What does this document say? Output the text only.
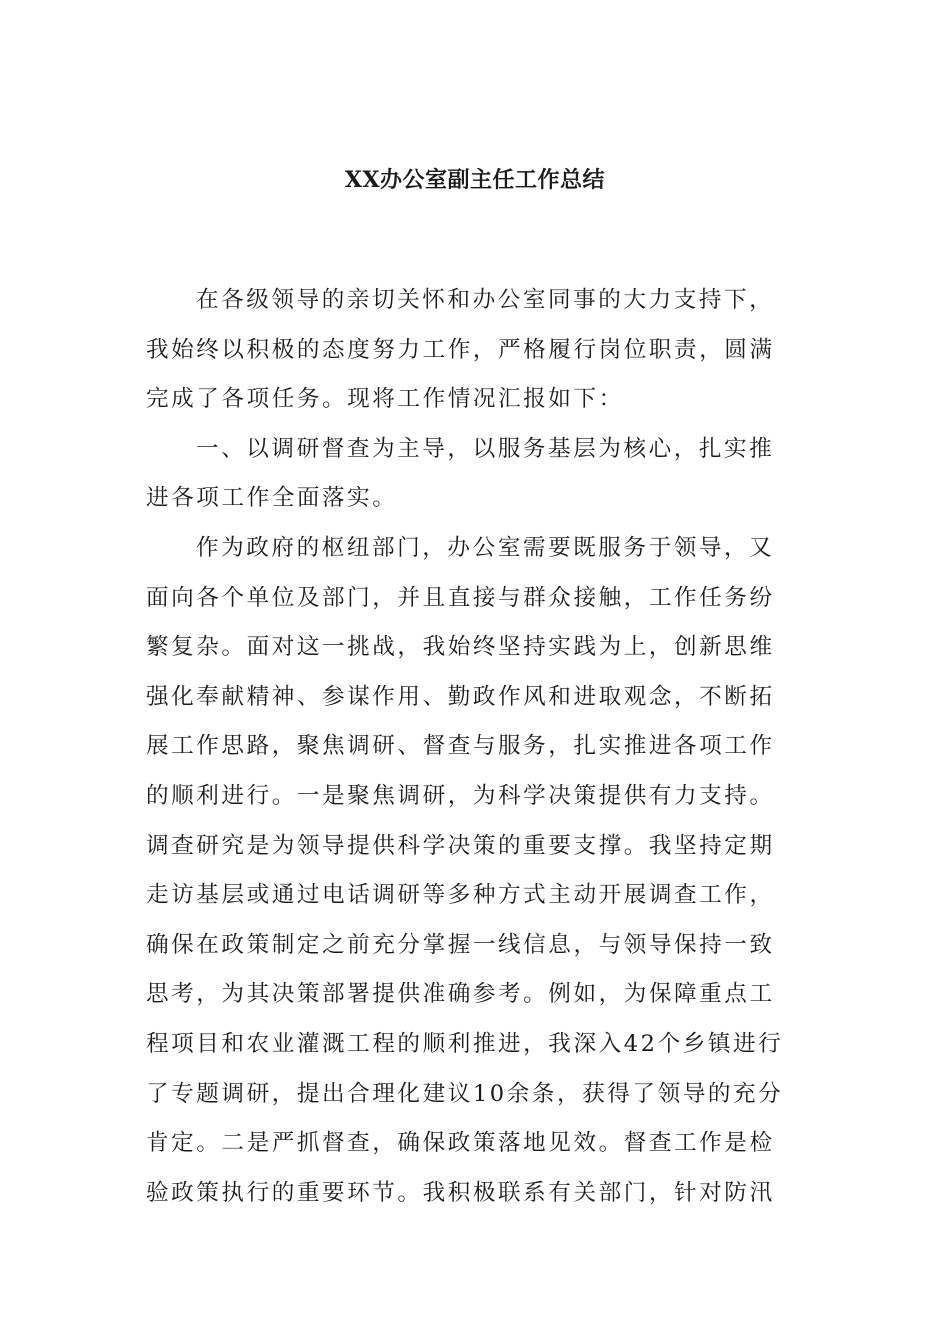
XX办公室副主任工作总结
在各级领导的亲切关怀和办公室同事的大力支持下，
我始终以积极的态度努力工作，严格履行岗位职责，圆满
完成了各项任务。现将工作情况汇报如下：
一、以调研督查为主导，以服务基层为核心，扎实推
进各项工作全面落实。
作为政府的枢纽部门，办公室需要既服务于领导，又
面向各个单位及部门，并且直接与群众接触，工作任务纷
繁复杂。面对这一挑战，我始终坚持实践为上，创新思维
强化奉献精神、参谋作用、勤政作风和进取观念，不断拓
展工作思路，聚焦调研、督查与服务，扎实推进各项工作
的顺利进行。一是聚焦调研，为科学决策提供有力支持。
调查研究是为领导提供科学决策的重要支撑。我坚持定期
走访基层或通过电话调研等多种方式主动开展调查工作，
确保在政策制定之前充分掌握一线信息，与领导保持一致
思考，为其决策部署提供准确参考。例如，为保障重点工
程项目和农业灌溉工程的顺利推进，我深入42个乡镇进行
了专题调研，提出合理化建议10余条，获得了领导的充分
肯定。二是严抓督查，确保政策落地见效。督查工作是检
验政策执行的重要环节。我积极联系有关部门，针对防汛
